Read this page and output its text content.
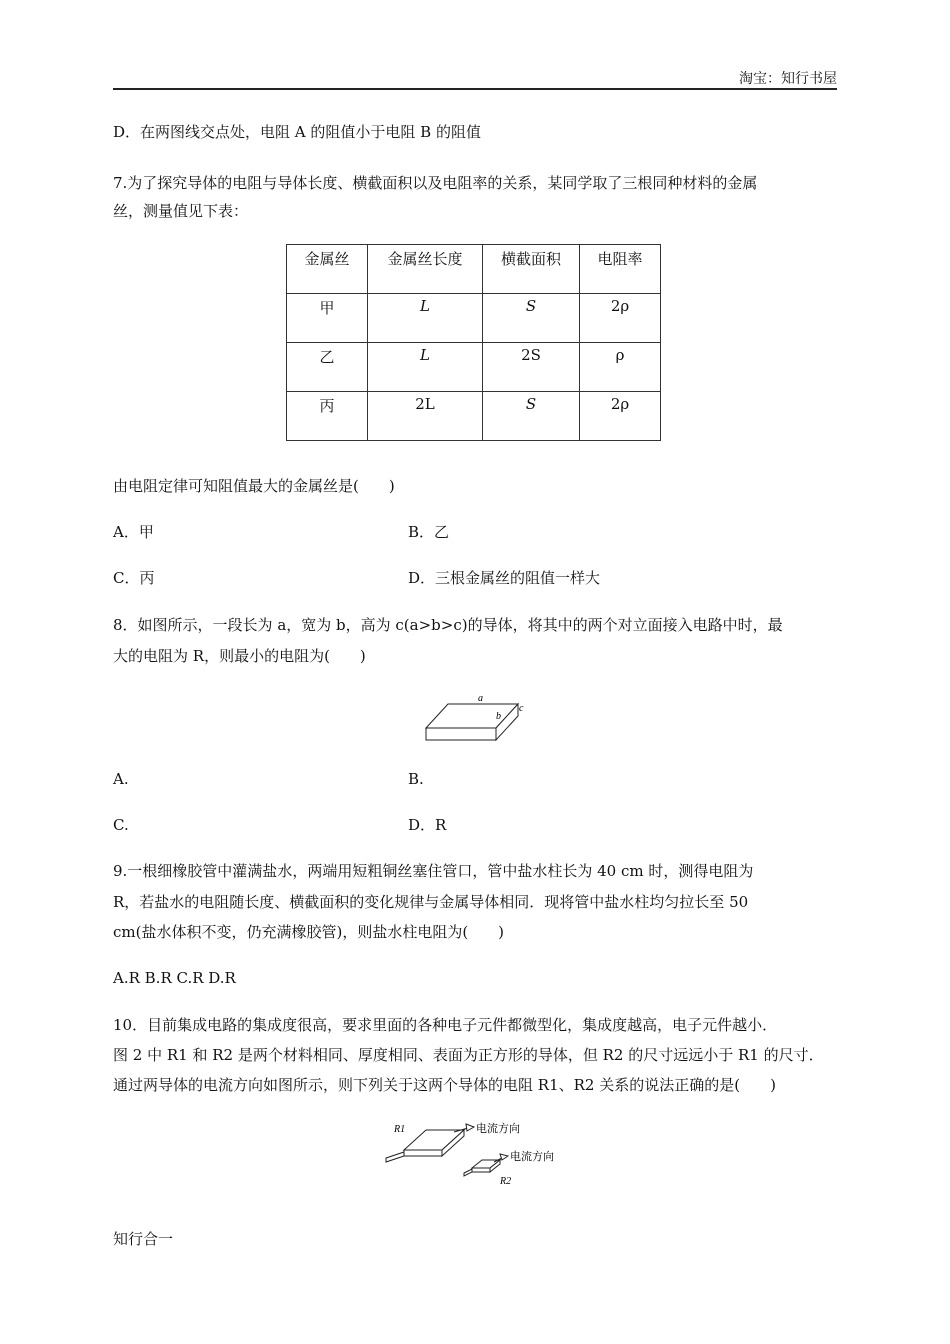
淘宝：知行书屋
D．在两图线交点处，电阻 A 的阻值小于电阻 B 的阻值
7.为了探究导体的电阻与导体长度、横截面积以及电阻率的关系，某同学取了三根同种材料的金属
丝，测量值见下表：
金属丝	金属丝长度	横截面积	电阻率
甲	L	S	2ρ
乙	L	2S	ρ
丙	2L	S	2ρ
由电阻定律可知阻值最大的金属丝是(　　)
A．甲	B．乙
C．丙	D．三根金属丝的阻值一样大
8．如图所示，一段长为 a，宽为 b，高为 c(a>b>c)的导体，将其中的两个对立面接入电路中时，最
大的电阻为 R，则最小的电阻为(　　)
a
b
c
A.	B.
C.	D．R
9.一根细橡胶管中灌满盐水，两端用短粗铜丝塞住管口，管中盐水柱长为 40 cm 时，测得电阻为
R，若盐水的电阻随长度、横截面积的变化规律与金属导体相同．现将管中盐水柱均匀拉长至 50
cm(盐水体积不变，仍充满橡胶管)，则盐水柱电阻为(　　)
A.R B.R C.R D.R
10．目前集成电路的集成度很高，要求里面的各种电子元件都微型化，集成度越高，电子元件越小．
图 2 中 R1 和 R2 是两个材料相同、厚度相同、表面为正方形的导体，但 R2 的尺寸远远小于 R1 的尺寸．
通过两导体的电流方向如图所示，则下列关于这两个导体的电阻 R1、R2 关系的说法正确的是(　　)
电流方向
R1
电流方向
R2
知行合一
